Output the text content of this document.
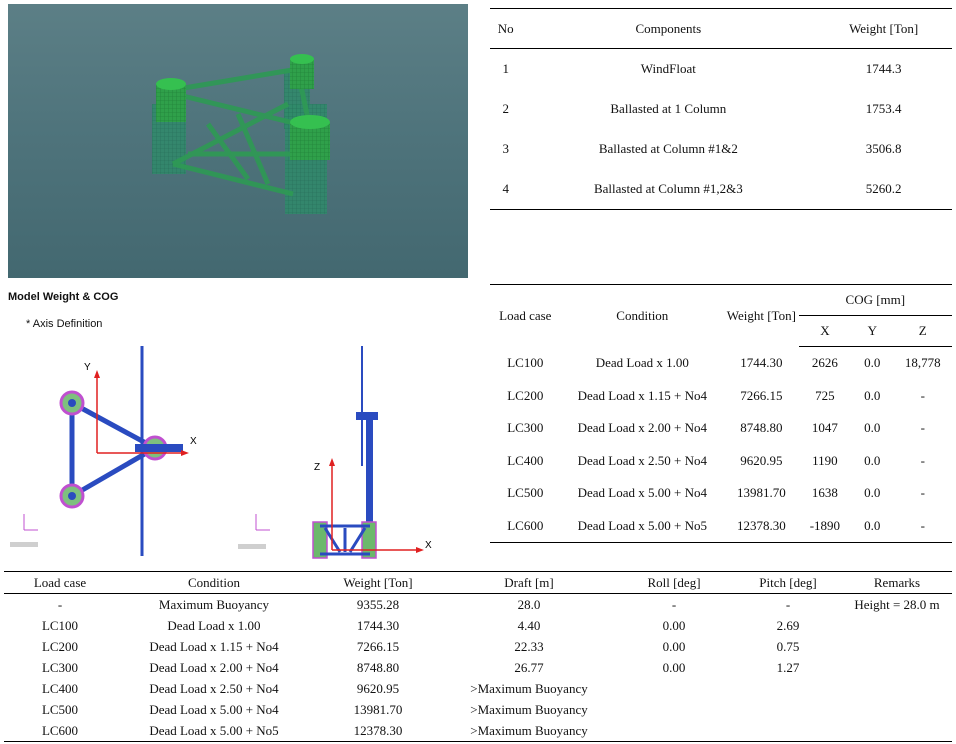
No	Components	Weight [Ton]
1	WindFloat	1744.3
2	Ballasted at 1 Column	1753.4
3	Ballasted at Column #1&2	3506.8
4	Ballasted at Column #1,2&3	5260.2
Model Weight & COG
* Axis Definition
Y
X
Z
X
Load case	Condition	Weight [Ton]	COG [mm]		
			X	Y	Z
LC100	Dead Load x 1.00	1744.30	2626	0.0	18,778
LC200	Dead Load x 1.15 + No4	7266.15	725	0.0	-
LC300	Dead Load x 2.00 + No4	8748.80	1047	0.0	-
LC400	Dead Load x 2.50 + No4	9620.95	1190	0.0	-
LC500	Dead Load x 5.00 + No4	13981.70	1638	0.0	-
LC600	Dead Load x 5.00 + No5	12378.30	-1890	0.0	-
Load case	Condition	Weight [Ton]	Draft [m]	Roll [deg]	Pitch [deg]	Remarks
-	Maximum Buoyancy	9355.28	28.0	-	-	Height = 28.0 m
LC100	Dead Load x 1.00	1744.30	4.40	0.00	2.69	
LC200	Dead Load x 1.15 + No4	7266.15	22.33	0.00	0.75	
LC300	Dead Load x 2.00 + No4	8748.80	26.77	0.00	1.27	
LC400	Dead Load x 2.50 + No4	9620.95	>Maximum Buoyancy			
LC500	Dead Load x 5.00 + No4	13981.70	>Maximum Buoyancy			
LC600	Dead Load x 5.00 + No5	12378.30	>Maximum Buoyancy			
